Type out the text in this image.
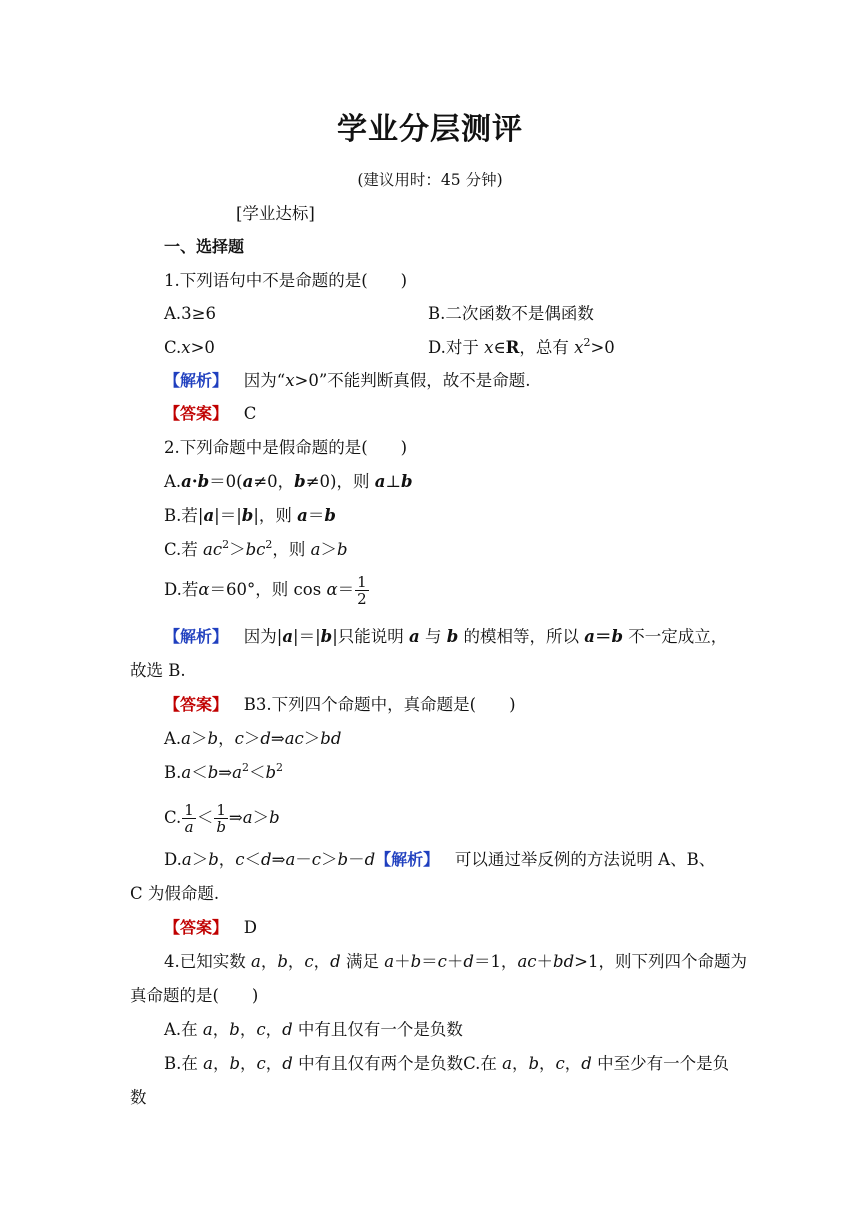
学业分层测评
(建议用时：45 分钟)
[学业达标]
一、选择题
1.下列语句中不是命题的是(　　)
A.3≥6	B.二次函数不是偶函数
C.x>0	D.对于 x∈R，总有 $x^2>0$
【解析】 因为“x>0”不能判断真假，故不是命题.
【答案】 C
2.下列命题中是假命题的是(　　)
A.a·b＝0(a≠0，b≠0)，则 a⊥b
B.若|a|＝|b|，则 a＝b
C.若 $ac^2>bc^2$，则 a＞b
D.若α＝60°，则 $\cos \alpha= \frac{1}{2}$
【解析】 因为|a|＝|b|只能说明 a 与 b 的模相等，所以 a＝b 不一定成立，
故选 B.
【答案】 B3.下列四个命题中，真命题是(　　)
A.a＞b，c＞d⇒ac＞bd
$B.a<b\Rightarrow a^2<b^2$
C. $\frac{1}{a} < \frac{1}{b}$ ⇒a＞b
D.a＞b，c＜d⇒a－c＞b－d【解析】 可以通过举反例的方法说明 A、B、
C 为假命题.
【答案】 D
4.已知实数 a，b，c，d 满足 a＋b＝c＋d＝1，ac＋bd>1，则下列四个命题为
真命题的是(　　)
A.在 a，b，c，d 中有且仅有一个是负数
B.在 a，b，c，d 中有且仅有两个是负数C.在 a，b，c，d 中至少有一个是负
数
